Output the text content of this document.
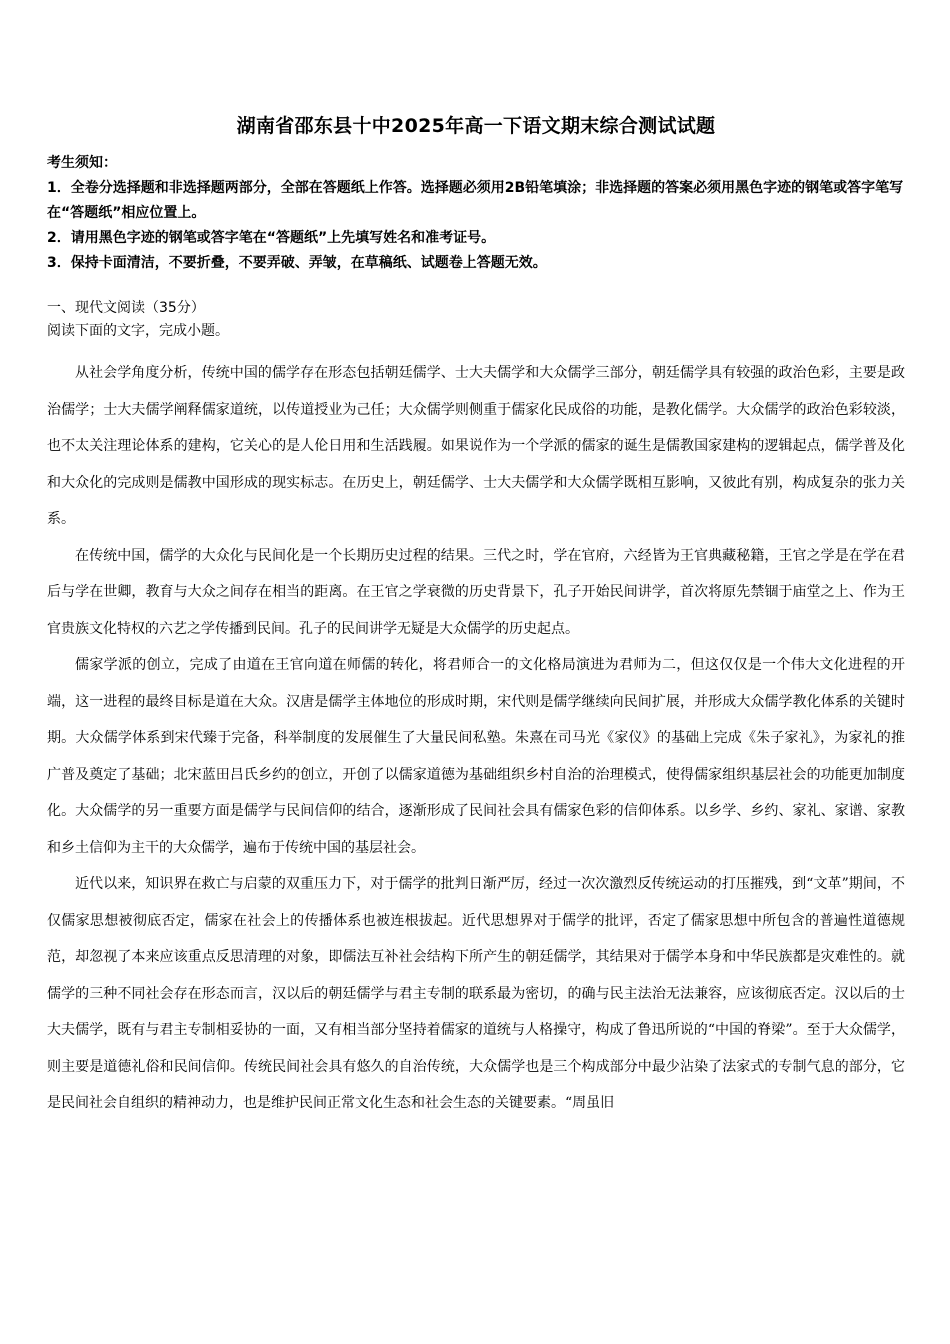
湖南省邵东县十中2025年高一下语文期末综合测试试题

考生须知：

1．全卷分选择题和非选择题两部分，全部在答题纸上作答。选择题必须用2B铅笔填涂；非选择题的答案必须用黑色字迹的钢笔或答字笔写在“答题纸”相应位置上。

2．请用黑色字迹的钢笔或答字笔在“答题纸”上先填写姓名和准考证号。

3．保持卡面清洁，不要折叠，不要弄破、弄皱，在草稿纸、试题卷上答题无效。

一、现代文阅读（35分）

阅读下面的文字，完成小题。

从社会学角度分析，传统中国的儒学存在形态包括朝廷儒学、士大夫儒学和大众儒学三部分，朝廷儒学具有较强的政治色彩，主要是政治儒学；士大夫儒学阐释儒家道统，以传道授业为己任；大众儒学则侧重于儒家化民成俗的功能，是教化儒学。大众儒学的政治色彩较淡，也不太关注理论体系的建构，它关心的是人伦日用和生活践履。如果说作为一个学派的儒家的诞生是儒教国家建构的逻辑起点，儒学普及化和大众化的完成则是儒教中国形成的现实标志。在历史上，朝廷儒学、士大夫儒学和大众儒学既相互影响，又彼此有别，构成复杂的张力关系。

在传统中国，儒学的大众化与民间化是一个长期历史过程的结果。三代之时，学在官府，六经皆为王官典藏秘籍，王官之学是在学在君后与学在世卿，教育与大众之间存在相当的距离。在王官之学衰微的历史背景下，孔子开始民间讲学，首次将原先禁锢于庙堂之上、作为王官贵族文化特权的六艺之学传播到民间。孔子的民间讲学无疑是大众儒学的历史起点。

儒家学派的创立，完成了由道在王官向道在师儒的转化，将君师合一的文化格局演进为君师为二，但这仅仅是一个伟大文化进程的开端，这一进程的最终目标是道在大众。汉唐是儒学主体地位的形成时期，宋代则是儒学继续向民间扩展，并形成大众儒学教化体系的关键时期。大众儒学体系到宋代臻于完备，科举制度的发展催生了大量民间私塾。朱熹在司马光《家仪》的基础上完成《朱子家礼》，为家礼的推广普及奠定了基础；北宋蓝田吕氏乡约的创立，开创了以儒家道德为基础组织乡村自治的治理模式，使得儒家组织基层社会的功能更加制度化。大众儒学的另一重要方面是儒学与民间信仰的结合，逐渐形成了民间社会具有儒家色彩的信仰体系。以乡学、乡约、家礼、家谱、家教和乡土信仰为主干的大众儒学，遍布于传统中国的基层社会。

近代以来，知识界在救亡与启蒙的双重压力下，对于儒学的批判日渐严厉，经过一次次激烈反传统运动的打压摧残，到“文革”期间，不仅儒家思想被彻底否定，儒家在社会上的传播体系也被连根拔起。近代思想界对于儒学的批评，否定了儒家思想中所包含的普遍性道德规范，却忽视了本来应该重点反思清理的对象，即儒法互补社会结构下所产生的朝廷儒学，其结果对于儒学本身和中华民族都是灾难性的。就儒学的三种不同社会存在形态而言，汉以后的朝廷儒学与君主专制的联系最为密切，的确与民主法治无法兼容，应该彻底否定。汉以后的士大夫儒学，既有与君主专制相妥协的一面，又有相当部分坚持着儒家的道统与人格操守，构成了鲁迅所说的“中国的脊梁”。至于大众儒学，则主要是道德礼俗和民间信仰。传统民间社会具有悠久的自治传统，大众儒学也是三个构成部分中最少沾染了法家式的专制气息的部分，它是民间社会自组织的精神动力，也是维护民间正常文化生态和社会生态的关键要素。“周虽旧
